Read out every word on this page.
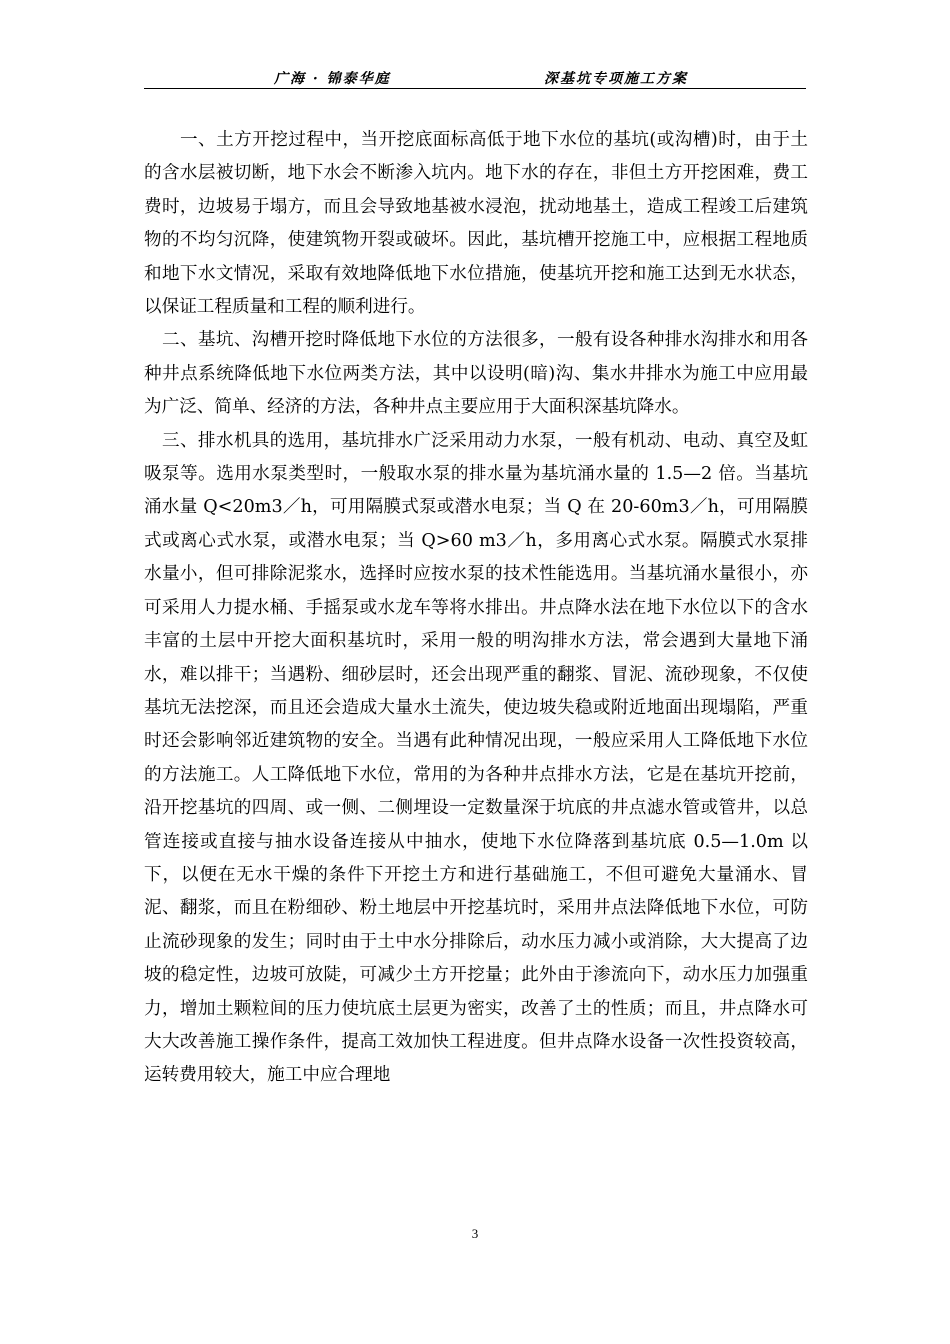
广海 · 锦泰华庭	深基坑专项施工方案

一、土方开挖过程中，当开挖底面标高低于地下水位的基坑(或沟槽)时，由于土的含水层被切断，地下水会不断渗入坑内。地下水的存在，非但土方开挖困难，费工费时，边坡易于塌方，而且会导致地基被水浸泡，扰动地基土，造成工程竣工后建筑物的不均匀沉降，使建筑物开裂或破坏。因此，基坑槽开挖施工中，应根据工程地质和地下水文情况，采取有效地降低地下水位措施，使基坑开挖和施工达到无水状态，以保证工程质量和工程的顺利进行。

二、基坑、沟槽开挖时降低地下水位的方法很多，一般有设各种排水沟排水和用各种井点系统降低地下水位两类方法，其中以设明(暗)沟、集水井排水为施工中应用最为广泛、简单、经济的方法，各种井点主要应用于大面积深基坑降水。

三、排水机具的选用，基坑排水广泛采用动力水泵，一般有机动、电动、真空及虹吸泵等。选用水泵类型时，一般取水泵的排水量为基坑涌水量的 1.5—2 倍。当基坑涌水量 Q<20m3／h，可用隔膜式泵或潜水电泵；当 Q 在 20-60m3／h，可用隔膜式或离心式水泵，或潜水电泵；当 Q>60 m3／h，多用离心式水泵。隔膜式水泵排水量小，但可排除泥浆水，选择时应按水泵的技术性能选用。当基坑涌水量很小，亦可采用人力提水桶、手摇泵或水龙车等将水排出。井点降水法在地下水位以下的含水丰富的土层中开挖大面积基坑时，采用一般的明沟排水方法，常会遇到大量地下涌水，难以排干；当遇粉、细砂层时，还会出现严重的翻浆、冒泥、流砂现象，不仅使基坑无法挖深，而且还会造成大量水土流失，使边坡失稳或附近地面出现塌陷，严重时还会影响邻近建筑物的安全。当遇有此种情况出现，一般应采用人工降低地下水位的方法施工。人工降低地下水位，常用的为各种井点排水方法，它是在基坑开挖前，沿开挖基坑的四周、或一侧、二侧埋设一定数量深于坑底的井点滤水管或管井，以总管连接或直接与抽水设备连接从中抽水，使地下水位降落到基坑底 0.5—1.0m 以下，以便在无水干燥的条件下开挖土方和进行基础施工，不但可避免大量涌水、冒泥、翻浆，而且在粉细砂、粉土地层中开挖基坑时，采用井点法降低地下水位，可防止流砂现象的发生；同时由于土中水分排除后，动水压力减小或消除，大大提高了边坡的稳定性，边坡可放陡，可减少土方开挖量；此外由于渗流向下，动水压力加强重力，增加土颗粒间的压力使坑底土层更为密实，改善了土的性质；而且，井点降水可大大改善施工操作条件，提高工效加快工程进度。但井点降水设备一次性投资较高，运转费用较大，施工中应合理地

3
